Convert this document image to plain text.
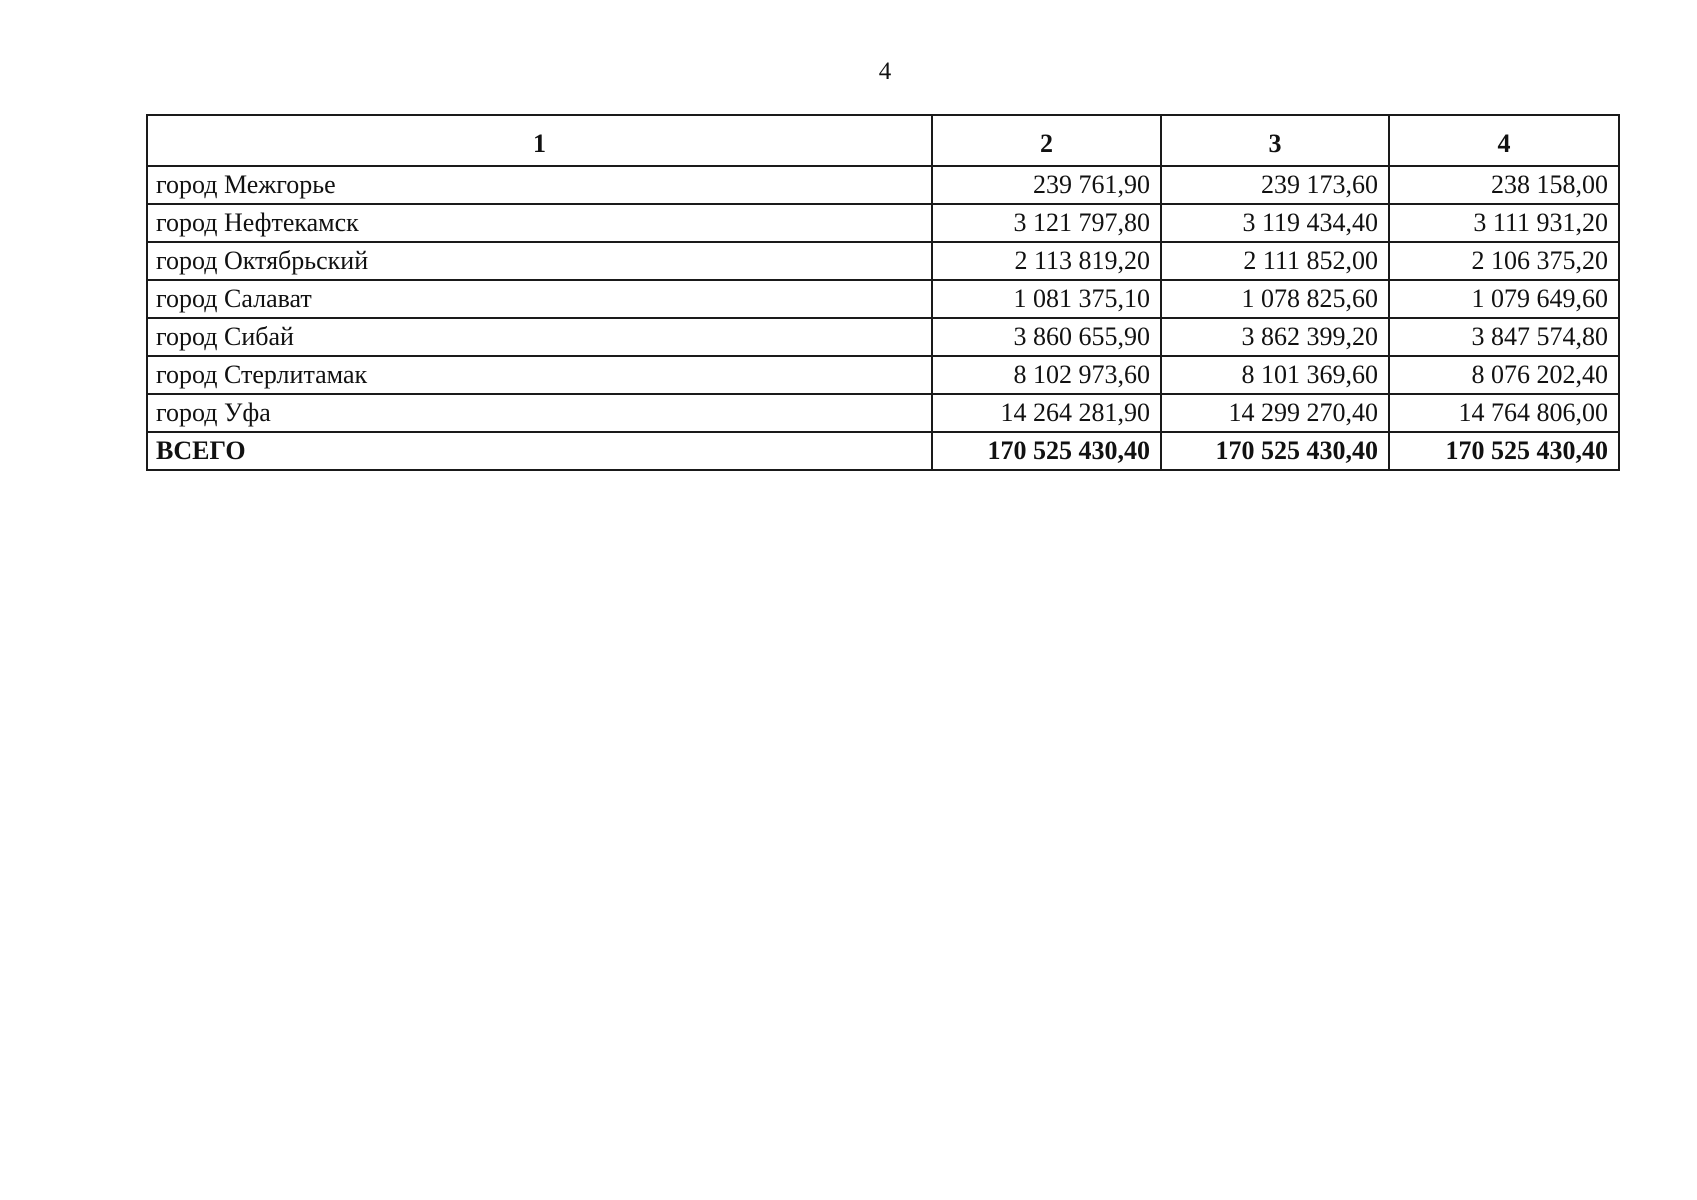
4
1	2	3	4
город Межгорье	239 761,90	239 173,60	238 158,00
город Нефтекамск	3 121 797,80	3 119 434,40	3 111 931,20
город Октябрьский	2 113 819,20	2 111 852,00	2 106 375,20
город Салават	1 081 375,10	1 078 825,60	1 079 649,60
город Сибай	3 860 655,90	3 862 399,20	3 847 574,80
город Стерлитамак	8 102 973,60	8 101 369,60	8 076 202,40
город Уфа	14 264 281,90	14 299 270,40	14 764 806,00
ВСЕГО	170 525 430,40	170 525 430,40	170 525 430,40
